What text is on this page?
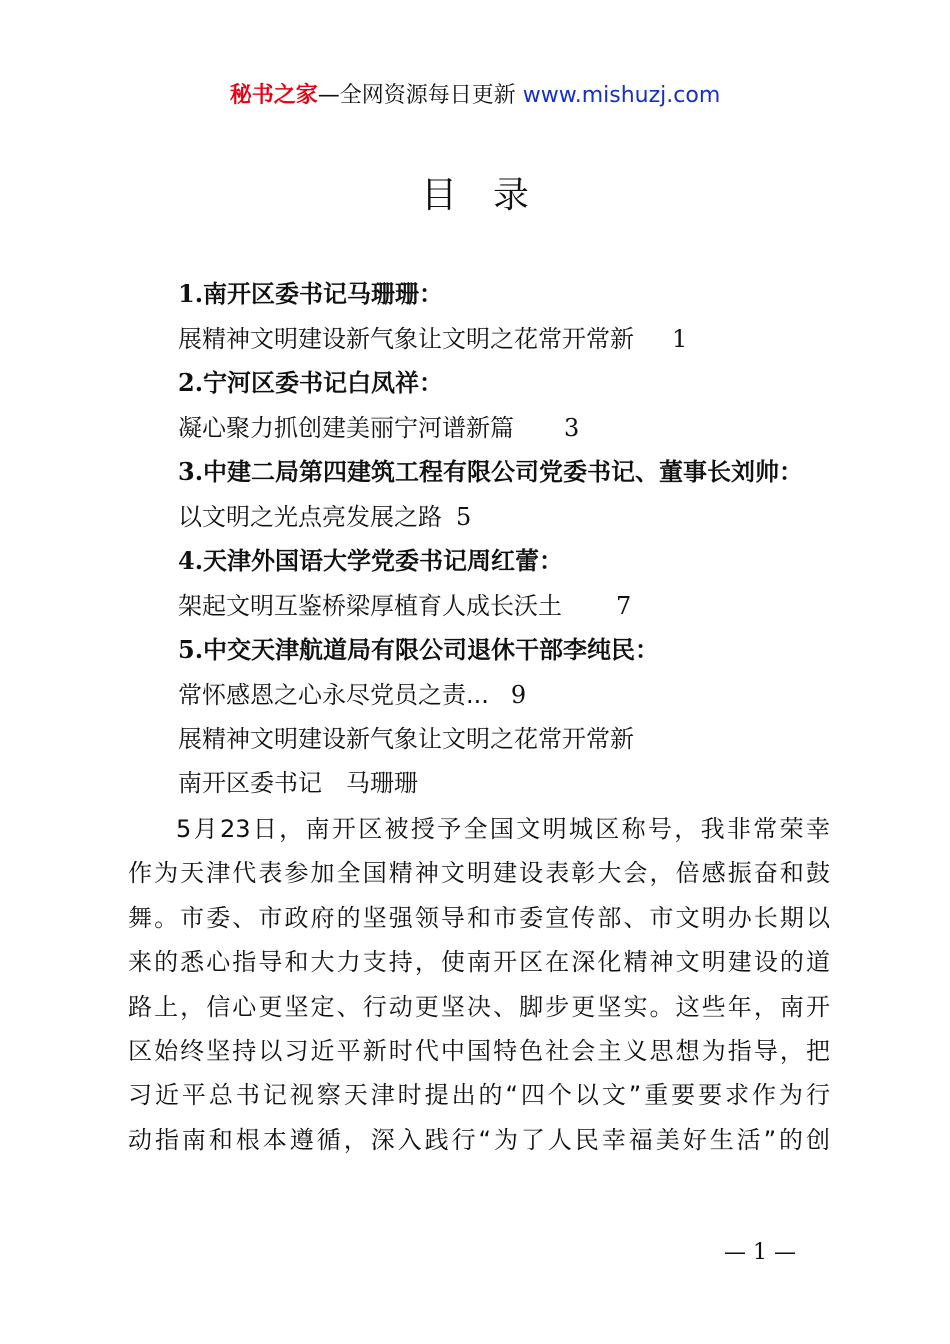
秘书之家—全网资源每日更新 www.mishuzj.com
目录
1.南开区委书记马珊珊：
展精神文明建设新气象让文明之花常开常新 1
2.宁河区委书记白凤祥：
凝心聚力抓创建美丽宁河谱新篇 3
3.中建二局第四建筑工程有限公司党委书记、董事长刘帅：
以文明之光点亮发展之路 5
4.天津外国语大学党委书记周红蕾：
架起文明互鉴桥梁厚植育人成长沃土 7
5.中交天津航道局有限公司退休干部李纯民：
常怀感恩之心永尽党员之责... 9
展精神文明建设新气象让文明之花常开常新
南开区委书记 马珊珊
5月23日，南开区被授予全国文明城区称号，我非常荣幸
作为天津代表参加全国精神文明建设表彰大会，倍感振奋和鼓
舞。市委、市政府的坚强领导和市委宣传部、市文明办长期以
来的悉心指导和大力支持，使南开区在深化精神文明建设的道
路上，信心更坚定、行动更坚决、脚步更坚实。这些年，南开
区始终坚持以习近平新时代中国特色社会主义思想为指导，把
习近平总书记视察天津时提出的“四个以文”重要要求作为行
动指南和根本遵循，深入践行“为了人民幸福美好生活”的创
— 1 —
